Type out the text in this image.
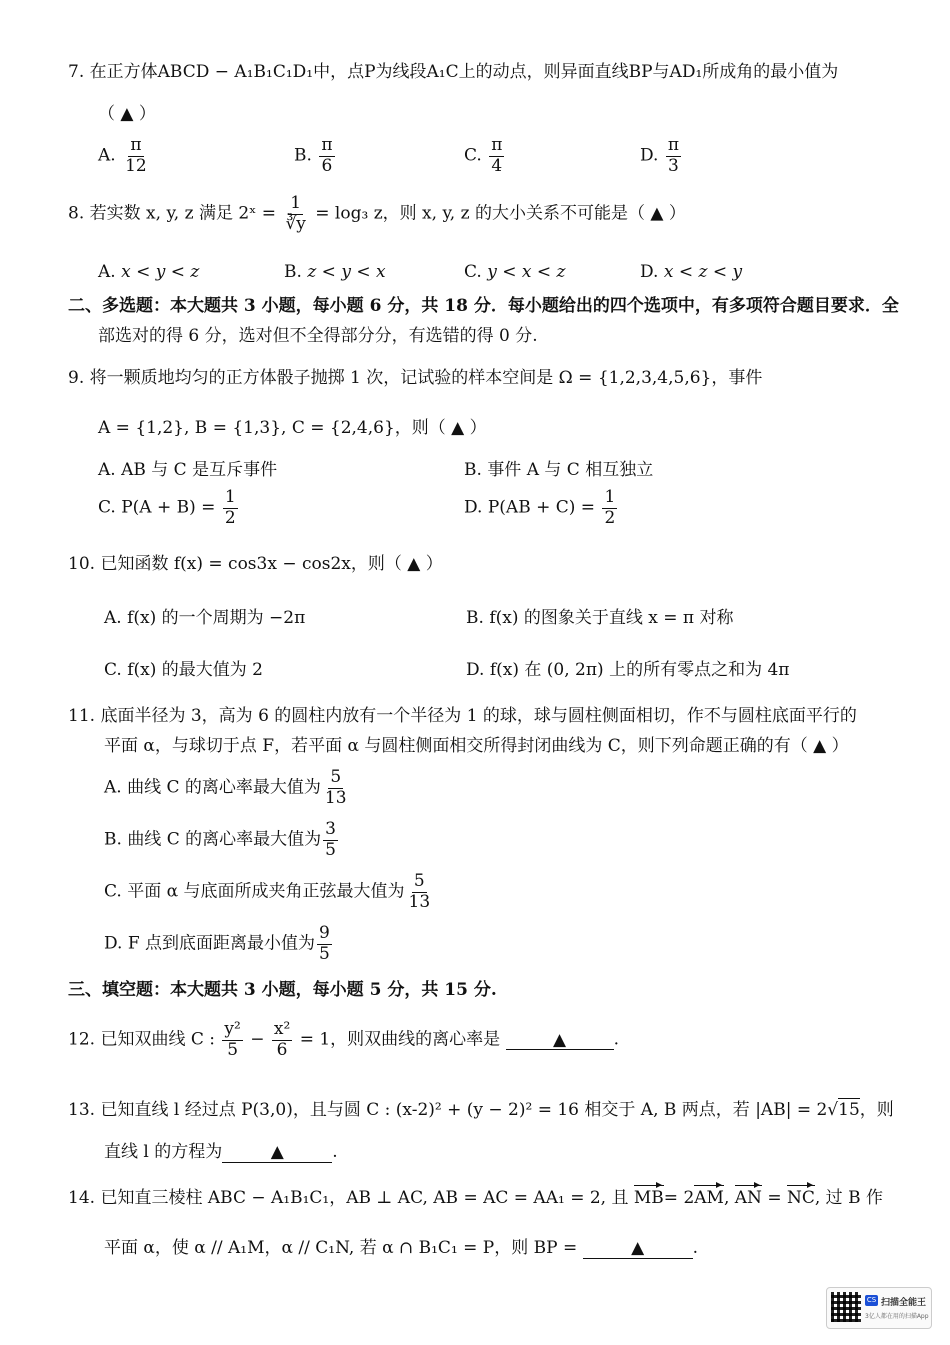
7. 在正方体ABCD − A₁B₁C₁D₁中，点P为线段A₁C上的动点，则异面直线BP与AD₁所成角的最小值为
（ ▲ ）
A. $\frac{\pi}{12}$	B. $\frac{\pi}{6}$	C. $\frac{\pi}{4}$	D. $\frac{\pi}{3}$
8. 若实数 x, y, z 满足 2ˣ = $\frac{1}{∛y} = \log_3$ z，则 x, y, z 的大小关系不可能是（ ▲ ）
A. x < y < z	B. z < y < x	C. y < x < z	D. x < z < y
二、多选题：本大题共 3 小题，每小题 6 分，共 18 分．每小题给出的四个选项中，有多项符合题目要求．全
部选对的得 6 分，选对但不全得部分分，有选错的得 0 分.
9. 将一颗质地均匀的正方体骰子抛掷 1 次，记试验的样本空间是 Ω = {1,2,3,4,5,6}，事件
A = {1,2}, B = {1,3}, C = {2,4,6}，则（ ▲ ）
A. AB 与 C 是互斥事件	B. 事件 A 与 C 相互独立
C. $P(A + B) = \frac{1}{2}$	D. $P(AB + C) = \frac{1}{2}$
10. 已知函数 f(x) = cos3x − cos2x，则（ ▲ ）
A. f(x) 的一个周期为 −2π	B. f(x) 的图象关于直线 x = π 对称
C. f(x) 的最大值为 2	D. f(x) 在 (0, 2π) 上的所有零点之和为 4π
11. 底面半径为 3，高为 6 的圆柱内放有一个半径为 1 的球，球与圆柱侧面相切，作不与圆柱底面平行的
平面 α，与球切于点 F，若平面 α 与圆柱侧面相交所得封闭曲线为 C，则下列命题正确的有（ ▲ ）
A. 曲线 C 的离心率最大值为 $\frac{5}{13}$
B. 曲线 C 的离心率最大值为 $\frac{3}{5}$
C. 平面 α 与底面所成夹角正弦最大值为 $\frac{5}{13}$
D. F 点到底面距离最小值为 $\frac{9}{5}$
三、填空题：本大题共 3 小题，每小题 5 分，共 15 分.
12. 已知双曲线 C : $\frac{\text{y²}}{5} - \frac{\text{x²}}{6} = 1$，则双曲线的离心率是	▲	.
13. 已知直线 l 经过点 P(3,0)，且与圆 C : (x-2)² + (y − 2)² = 16 相交于 A, B 两点，若 |AB| = 2√15，则
直线 l 的方程为	▲	.
14. 已知直三棱柱 ABC − A₁B₁C₁，AB ⊥ AC, AB = AC = AA₁ = 2, 且 MB= 2AM, AN = NC, 过 B 作
平面 α，使 α // A₁M，α // C₁N, 若 α ∩ B₁C₁ = P，则 BP =	▲	.
CS 扫描全能王
3亿人都在用的扫描App
